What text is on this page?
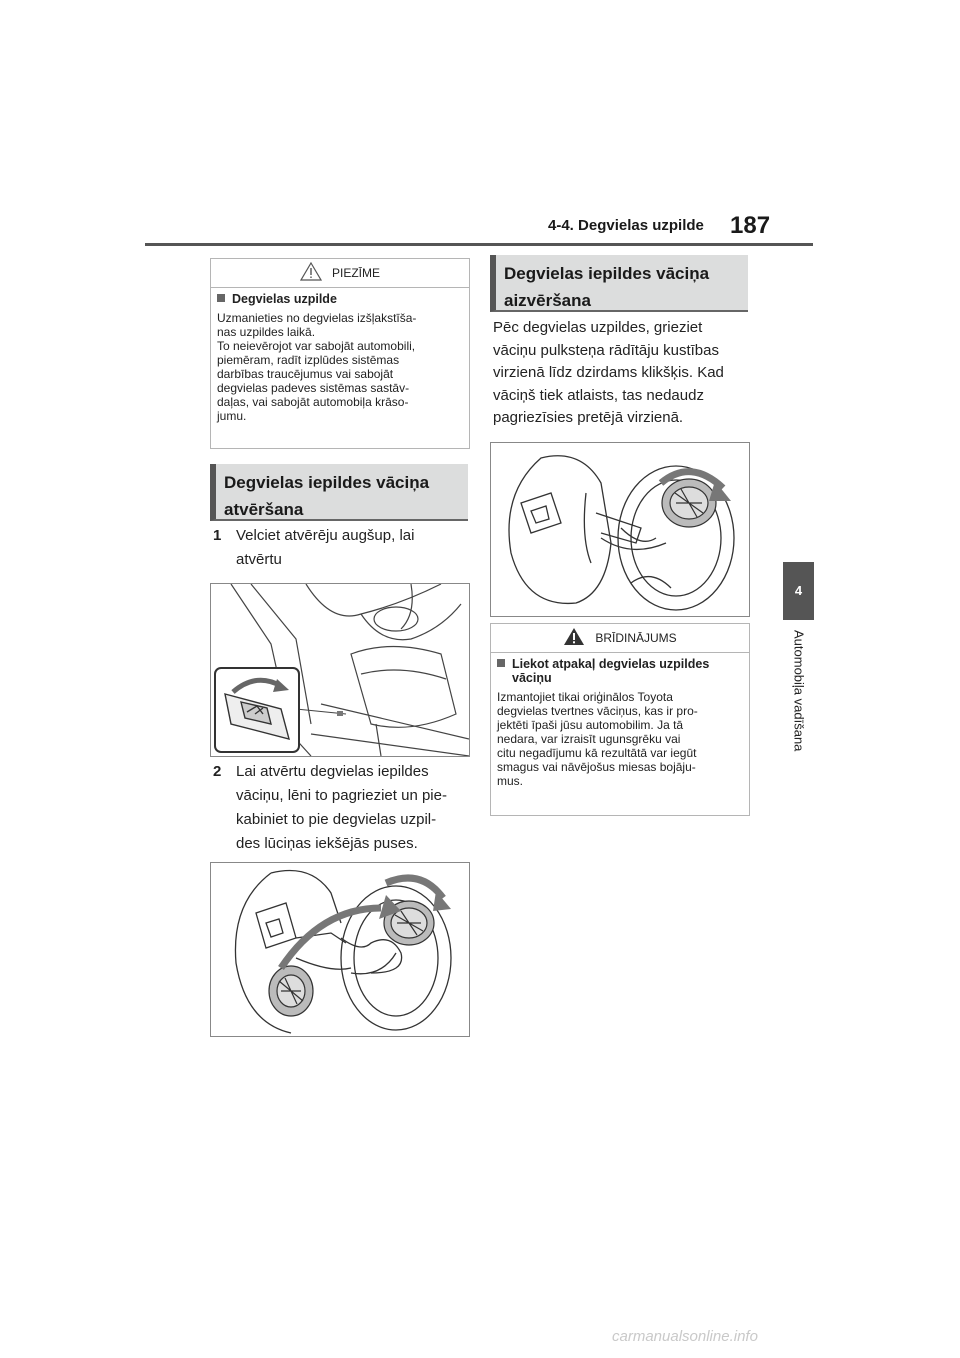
4-4. Degvielas uzpilde 187
4
Automobiļa vadīšana
PIEZĪME
Degvielas uzpilde
Uzmanieties no degvielas izšļakstīša-
nas uzpildes laikā.
To neievērojot var sabojāt automobili,
piemēram, radīt izplūdes sistēmas
darbības traucējumus vai sabojāt
degvielas padeves sistēmas sastāv-
daļas, vai sabojāt automobiļa krāso-
jumu.
Degvielas iepildes vāciņa
atvēršana
1 Velciet atvērēju augšup, lai
atvērtu
2 Lai atvērtu degvielas iepildes
vāciņu, lēni to pagrieziet un pie-
kabiniet to pie degvielas uzpil-
des lūciņas iekšējās puses.
Degvielas iepildes vāciņa
aizvēršana
Pēc degvielas uzpildes, grieziet
vāciņu pulksteņa rādītāju kustības
virzienā līdz dzirdams klikšķis. Kad
vāciņš tiek atlaists, tas nedaudz
pagriezīsies pretējā virzienā.
BRĪDINĀJUMS
Liekot atpakaļ degvielas uzpildes
vāciņu
Izmantojiet tikai oriģinālos Toyota
degvielas tvertnes vāciņus, kas ir pro-
jektēti īpaši jūsu automobilim. Ja tā
nedara, var izraisīt ugunsgrēku vai
citu negadījumu kā rezultātā var iegūt
smagus vai nāvējošus miesas bojāju-
mus.
carmanualsonline.info
